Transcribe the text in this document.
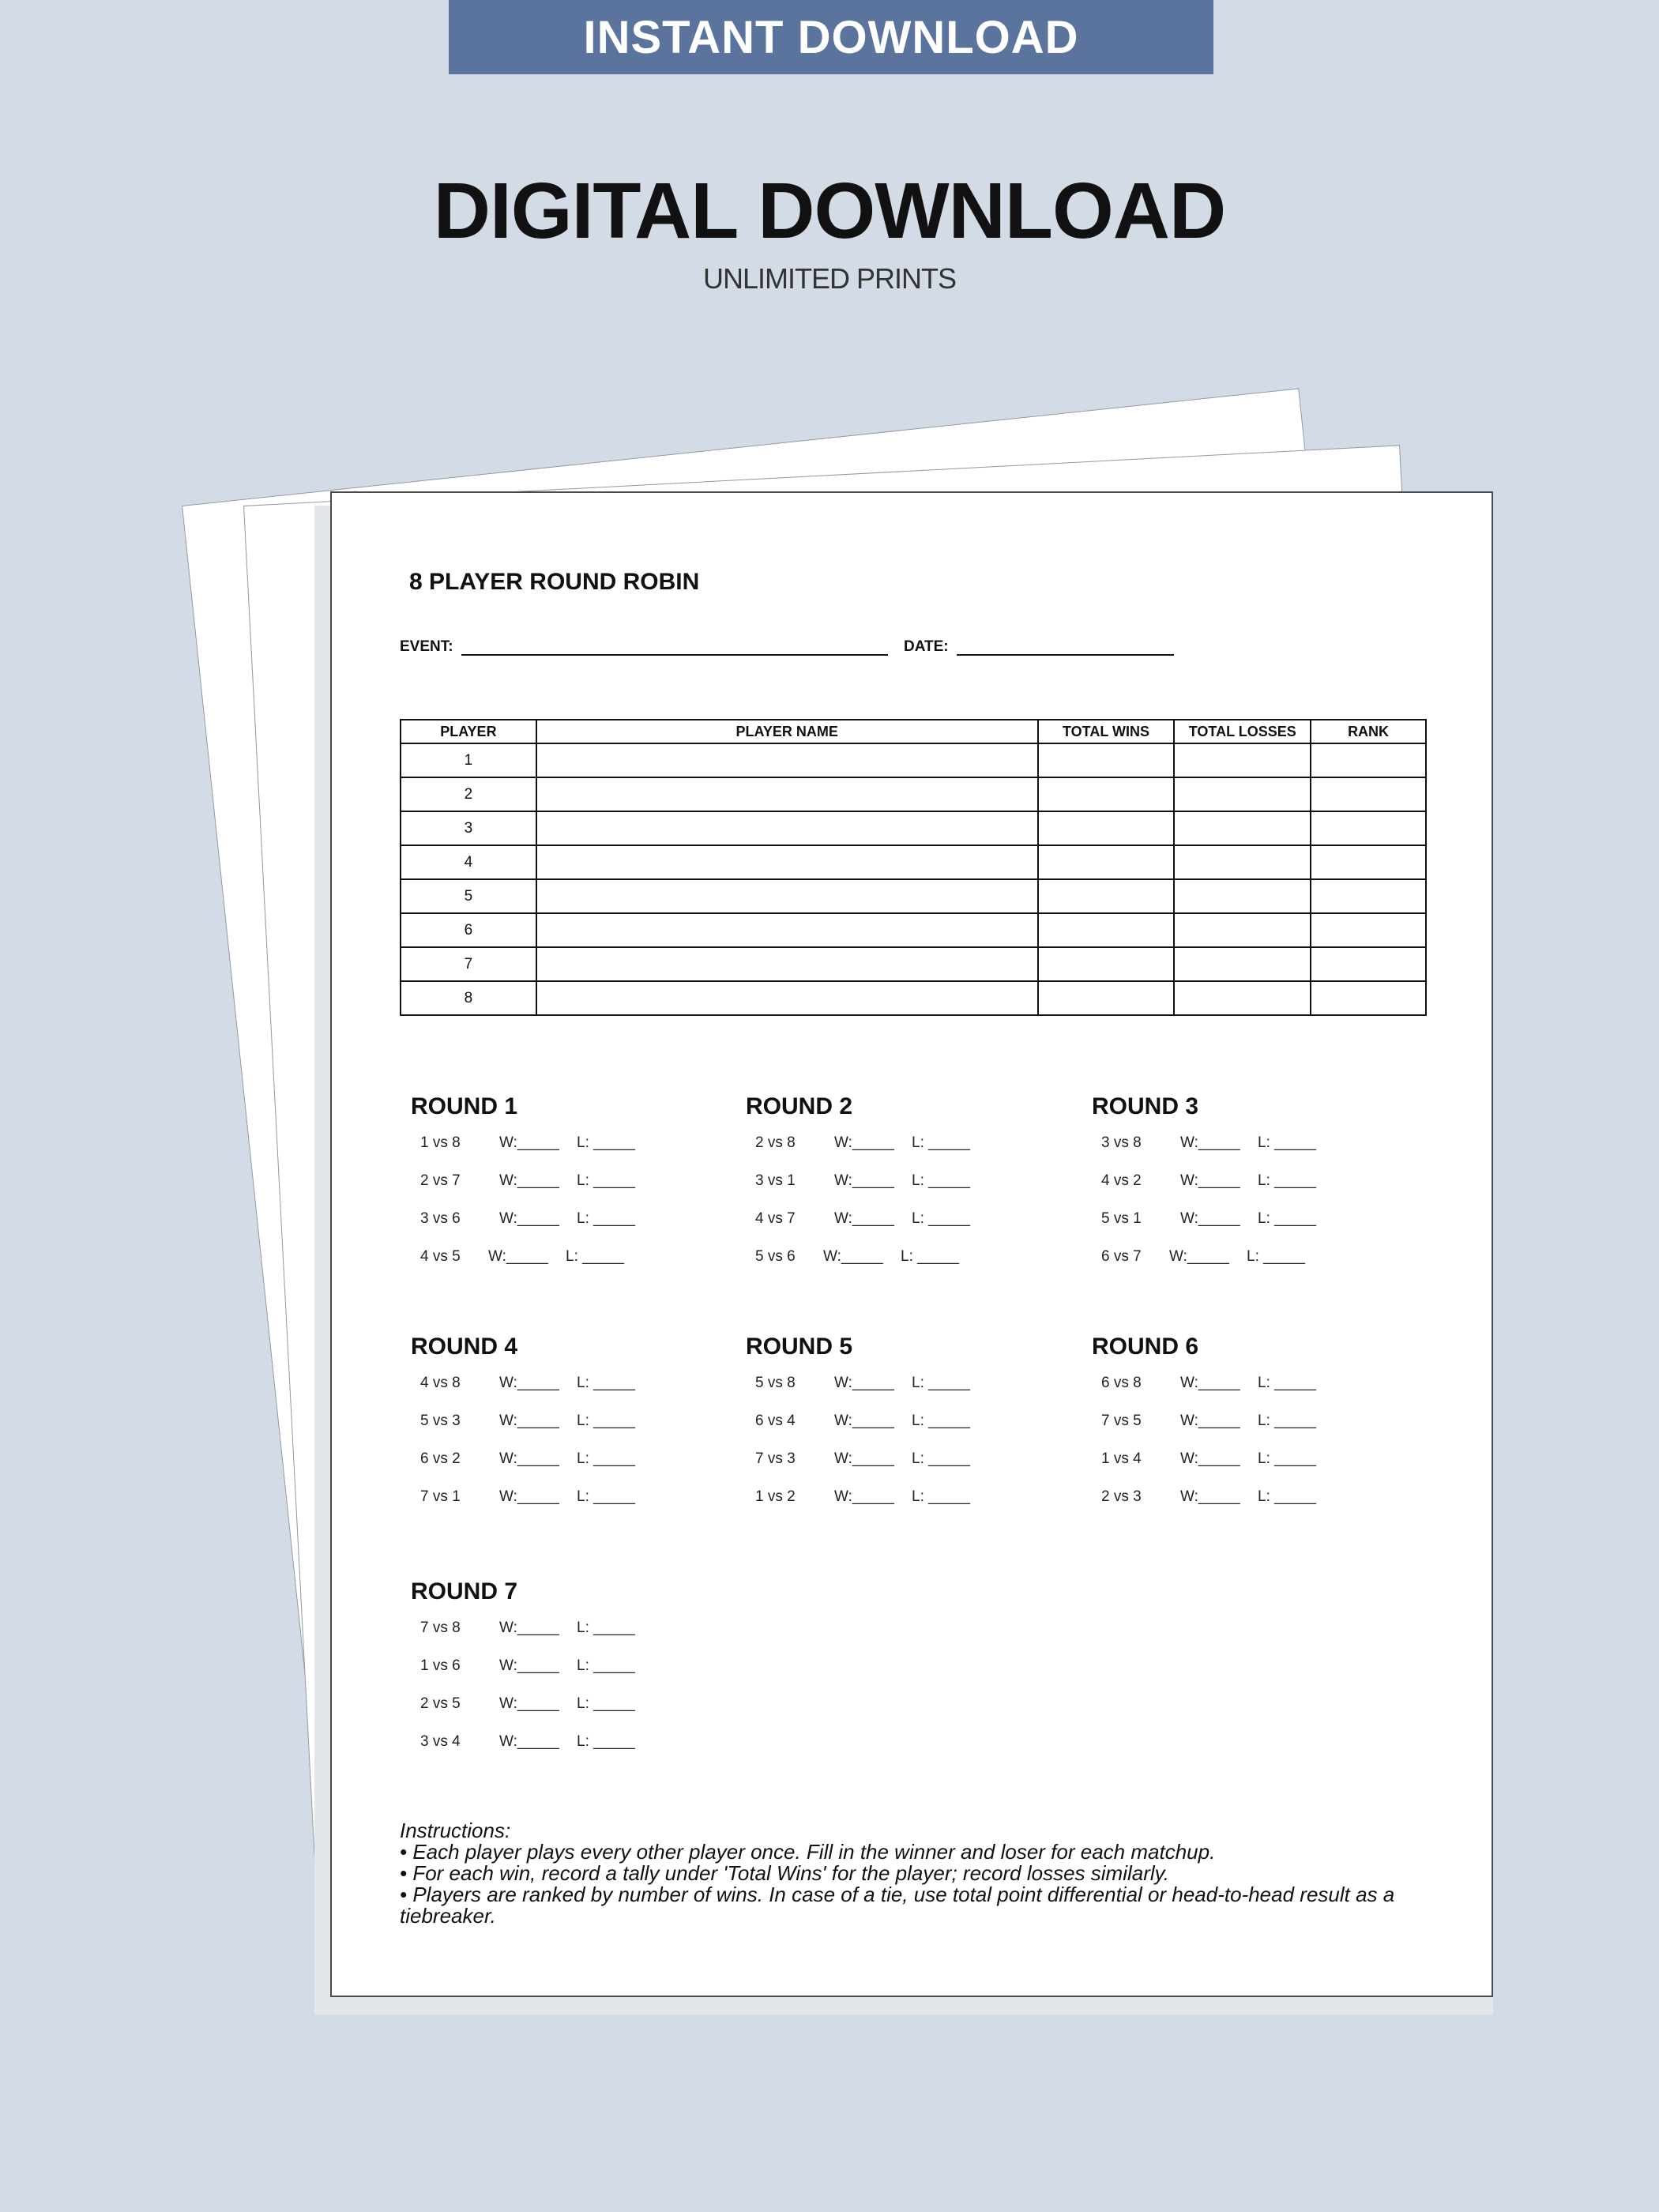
INSTANT DOWNLOAD
DIGITAL DOWNLOAD
UNLIMITED PRINTS
8 PLAYER ROUND ROBIN
EVENT:	DATE:
PLAYER	PLAYER NAME	TOTAL WINS	TOTAL LOSSES	RANK
1				
2				
3				
4				
5				
6				
7				
8				
ROUND 1
1 vs 8	W:_____	L: _____
2 vs 7	W:_____	L: _____
3 vs 6	W:_____	L: _____
4 vs 5	W:_____	L: _____
ROUND 2
2 vs 8	W:_____	L: _____
3 vs 1	W:_____	L: _____
4 vs 7	W:_____	L: _____
5 vs 6	W:_____	L: _____
ROUND 3
3 vs 8	W:_____	L: _____
4 vs 2	W:_____	L: _____
5 vs 1	W:_____	L: _____
6 vs 7	W:_____	L: _____
ROUND 4
4 vs 8	W:_____	L: _____
5 vs 3	W:_____	L: _____
6 vs 2	W:_____	L: _____
7 vs 1	W:_____	L: _____
ROUND 5
5 vs 8	W:_____	L: _____
6 vs 4	W:_____	L: _____
7 vs 3	W:_____	L: _____
1 vs 2	W:_____	L: _____
ROUND 6
6 vs 8	W:_____	L: _____
7 vs 5	W:_____	L: _____
1 vs 4	W:_____	L: _____
2 vs 3	W:_____	L: _____
ROUND 7
7 vs 8	W:_____	L: _____
1 vs 6	W:_____	L: _____
2 vs 5	W:_____	L: _____
3 vs 4	W:_____	L: _____
Instructions:
• Each player plays every other player once. Fill in the winner and loser for each matchup.
• For each win, record a tally under 'Total Wins' for the player; record losses similarly.
• Players are ranked by number of wins. In case of a tie, use total point differential or head-to-head result as a tiebreaker.
